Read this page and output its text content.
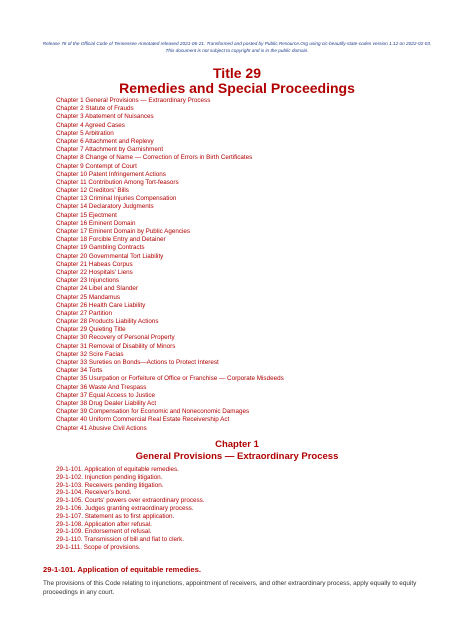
Release 78 of the Official Code of Tennessee Annotated released 2021-06-21. Transformed and posted by Public.Resource.Org using cic-beautify-state-codes version 1.12 on 2022-02-03.
This document is not subject to copyright and is in the public domain.
Title 29
Remedies and Special Proceedings
Chapter 1 General Provisions — Extraordinary Process
Chapter 2 Statute of Frauds
Chapter 3 Abatement of Nuisances
Chapter 4 Agreed Cases
Chapter 5 Arbitration
Chapter 6 Attachment and Replevy
Chapter 7 Attachment by Garnishment
Chapter 8 Change of Name — Correction of Errors in Birth Certificates
Chapter 9 Contempt of Court
Chapter 10 Patent Infringement Actions
Chapter 11 Contribution Among Tort-feasors
Chapter 12 Creditors' Bills
Chapter 13 Criminal Injuries Compensation
Chapter 14 Declaratory Judgments
Chapter 15 Ejectment
Chapter 16 Eminent Domain
Chapter 17 Eminent Domain by Public Agencies
Chapter 18 Forcible Entry and Detainer
Chapter 19 Gambling Contracts
Chapter 20 Governmental Tort Liability
Chapter 21 Habeas Corpus
Chapter 22 Hospitals' Liens
Chapter 23 Injunctions
Chapter 24 Libel and Slander
Chapter 25 Mandamus
Chapter 26 Health Care Liability
Chapter 27 Partition
Chapter 28 Products Liability Actions
Chapter 29 Quieting Title
Chapter 30 Recovery of Personal Property
Chapter 31 Removal of Disability of Minors
Chapter 32 Scire Facias
Chapter 33 Sureties on Bonds—Actions to Protect Interest
Chapter 34 Torts
Chapter 35 Usurpation or Forfeiture of Office or Franchise — Corporate Misdeeds
Chapter 36 Waste And Trespass
Chapter 37 Equal Access to Justice
Chapter 38 Drug Dealer Liability Act
Chapter 39 Compensation for Economic and Noneconomic Damages
Chapter 40 Uniform Commercial Real Estate Receivership Act
Chapter 41 Abusive Civil Actions
Chapter 1
General Provisions — Extraordinary Process
29-1-101. Application of equitable remedies.
29-1-102. Injunction pending litigation.
29-1-103. Receivers pending litigation.
29-1-104. Receiver's bond.
29-1-105. Courts' powers over extraordinary process.
29-1-106. Judges granting extraordinary process.
29-1-107. Statement as to first application.
29-1-108. Application after refusal.
29-1-109. Endorsement of refusal.
29-1-110. Transmission of bill and fiat to clerk.
29-1-111. Scope of provisions.
29-1-101. Application of equitable remedies.

The provisions of this Code relating to injunctions, appointment of receivers, and other extraordinary process, apply equally to equity proceedings in any court.
